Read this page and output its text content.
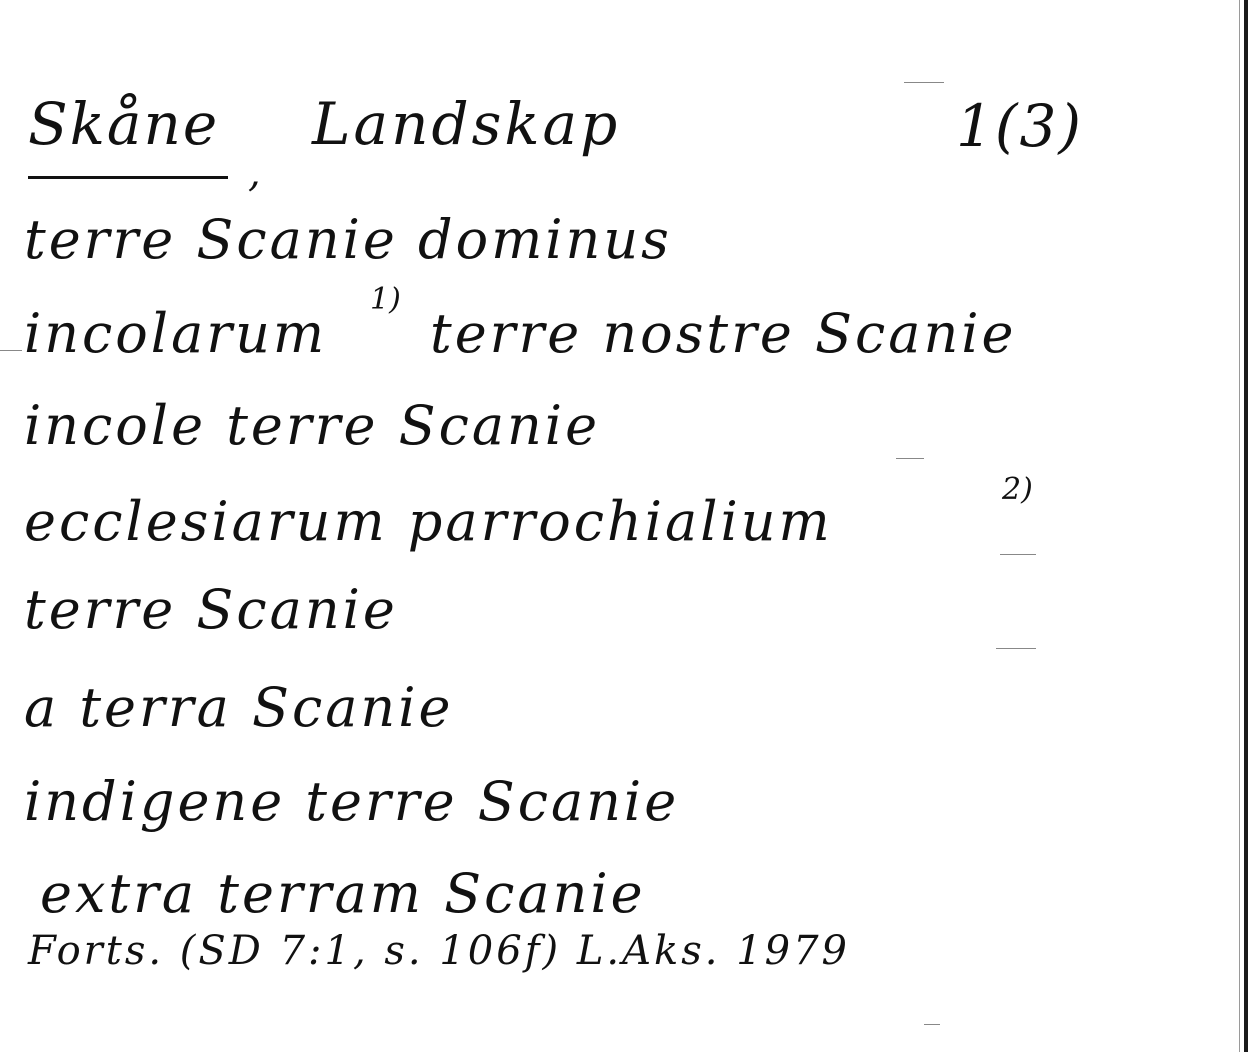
Skåne
,
Landskap	1(3)
terre Scanie dominus
incolarum
1)
terre nostre Scanie
incole terre Scanie
ecclesiarum parrochialium
2)
terre Scanie
a terra Scanie
indigene terre Scanie
extra terram Scanie
Forts. (SD 7:1, s. 106f) L.Aks. 1979
